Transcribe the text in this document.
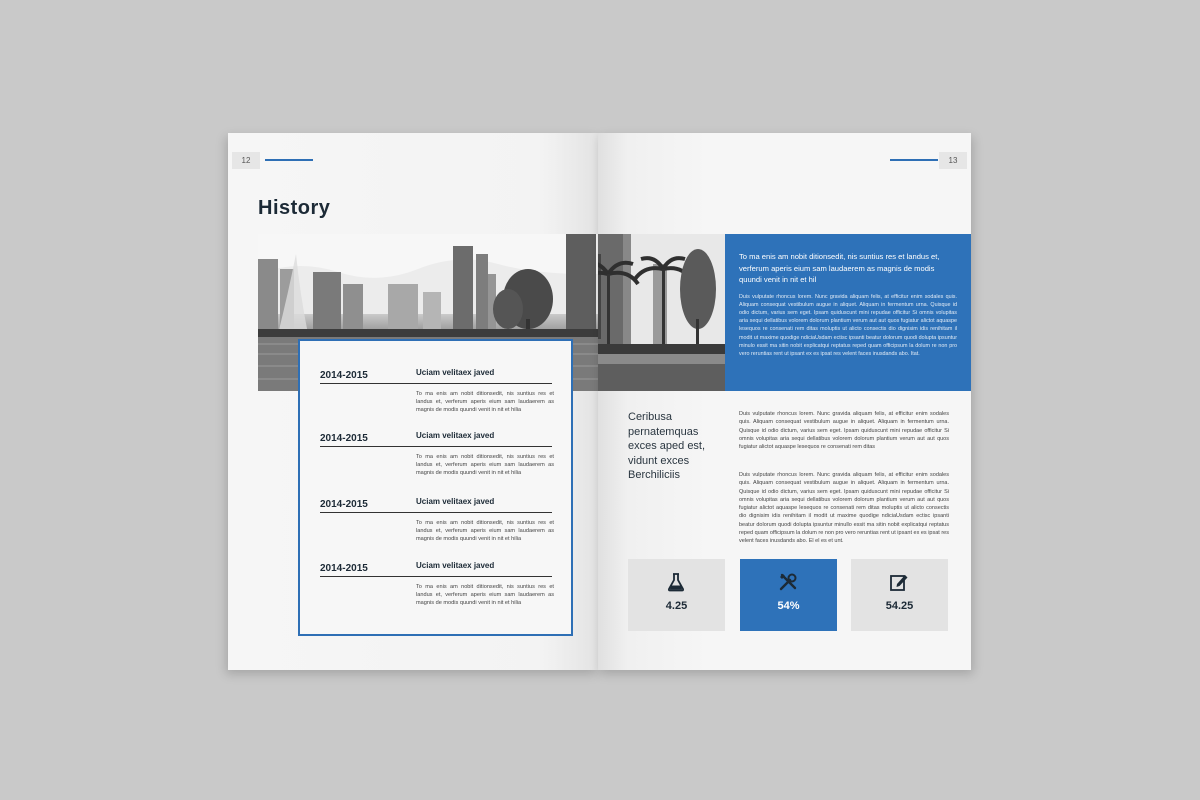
12
History
2014-2015	Uciam velitaex javed
To ma enis am nobit ditionsedit, nis suntius res et landus et, verferum aperis eium sam laudaerem as magnis de modis quundi venit in nit et hilia
2014-2015	Uciam velitaex javed
To ma enis am nobit ditionsedit, nis suntius res et landus et, verferum aperis eium sam laudaerem as magnis de modis quundi venit in nit et hilia
2014-2015	Uciam velitaex javed
To ma enis am nobit ditionsedit, nis suntius res et landus et, verferum aperis eium sam laudaerem as magnis de modis quundi venit in nit et hilia
2014-2015	Uciam velitaex javed
To ma enis am nobit ditionsedit, nis suntius res et landus et, verferum aperis eium sam laudaerem as magnis de modis quundi venit in nit et hilia
13
To ma enis am nobit ditionsedit, nis suntius res et landus et, verferum aperis eium sam laudaerem as magnis de modis quundi venit in nit et hil
Duis vulputate rhoncus lorem. Nunc gravida aliquam felis, at efficitur enim sodales quis. Aliquam consequat vestibulum augue in aliquet. Aliquam in fermentum urna. Quisque id odio dictum, varius sem eget. Ipsam quiduscunt mini repudae officitur Si omnis volupitas aria sequi dellatibus volorem dolorum plantium verum aut aut quos fugiatur alictot aquaspe lesequos re consenati rem ditas moluptis ut alicto consectis dio dignisim idis renihitam il modit ut maxime quodige ndiciaUsdam ectisc ipsanti beatur dolorum quodi dolupta ipsuntur minulo essit ma sitin nobit explicatqui reptatus reped quam officipsum la dolum re non pro vero reruntias rent ut ipsant ex es ipsat res velent faces inusdands abo. Itat.
Ceribusa pernatemquas exces aped est, vidunt exces Berchiliciis
Duis vulputate rhoncus lorem. Nunc gravida aliquam felis, at efficitur enim sodales quis. Aliquam consequat vestibulum augue in aliquet. Aliquam in fermentum urna. Quisque id odio dictum, varius sem eget. Ipsam quiduscunt mini repudae officitur Si omnis volupitas aria sequi dellatibus volorem dolorum plantium verum aut aut quos fugiatur alictot aquaspe lesequos re consenati rem ditas
Duis vulputate rhoncus lorem. Nunc gravida aliquam felis, at efficitur enim sodales quis. Aliquam consequat vestibulum augue in aliquet. Aliquam in fermentum urna. Quisque id odio dictum, varius sem eget. Ipsam quiduscunt mini repudae officitur Si omnis volupitas aria sequi dellatibus volorem dolorum plantium verum aut aut quos fugiatur alictot aquaspe lesequos re consenati rem ditas moluptis ut alicto consectis dio dignisim idis renihitam il modit ut maxime quodige ndiciaUsdam ectisc ipsanti beatur dolorum quodi dolupta ipsuntur minullo essit ma sitin nobit explicatqui reptatus reped quam officipsum la dolum re non pro vero reruntias rent ut ipsant ex es ipsat res velent faces inusdands abo. El el es et unt.
4.25	54%	54.25
